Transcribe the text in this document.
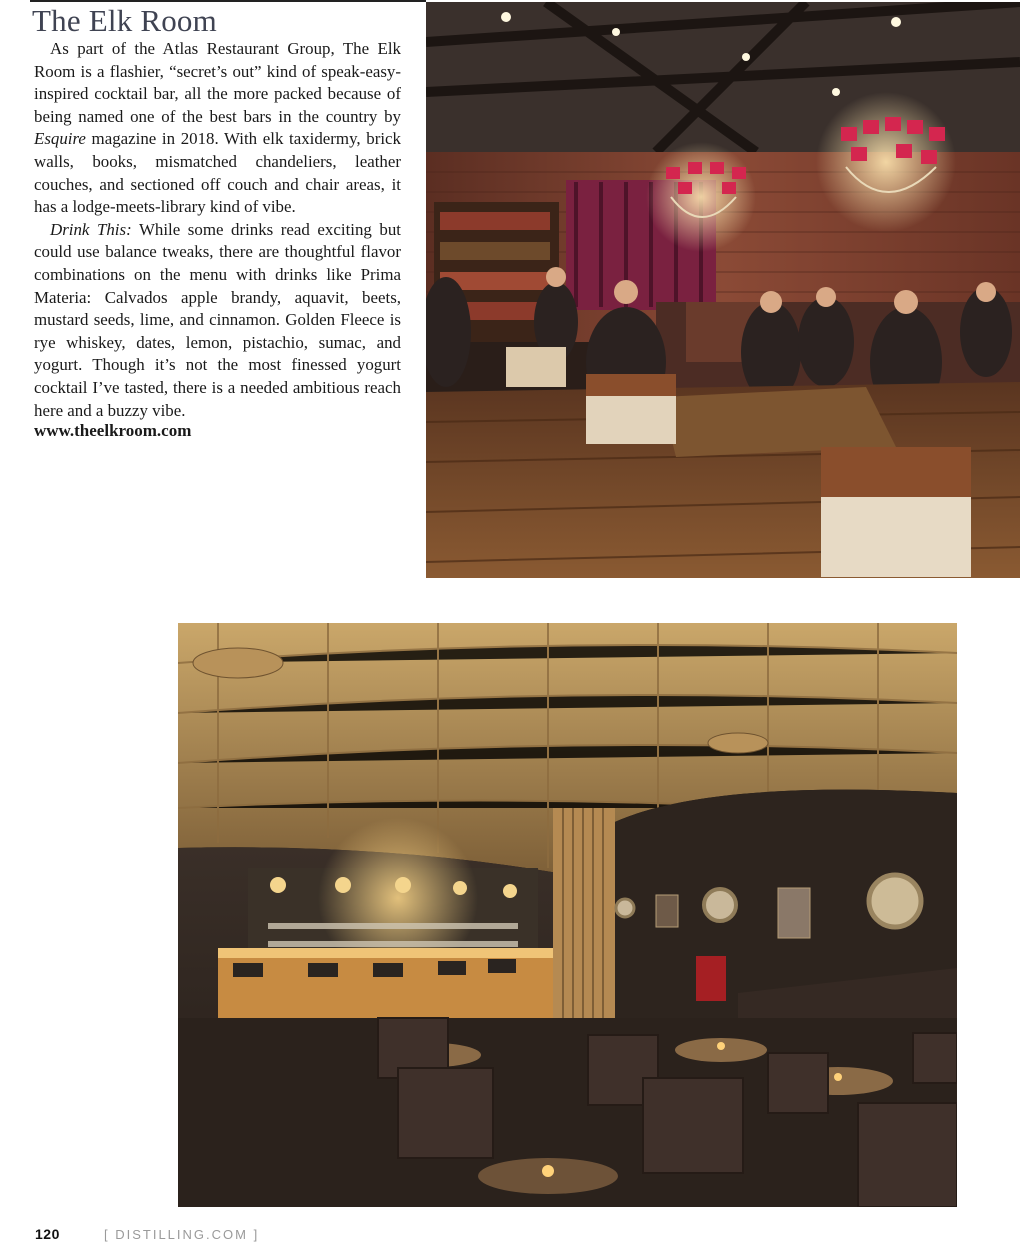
The Elk Room

As part of the Atlas Restaurant Group, The Elk Room is a flashier, “secret’s out” kind of speak-easy-inspired cocktail bar, all the more packed because of being named one of the best bars in the country by Esquire magazine in 2018. With elk taxidermy, brick walls, books, mismatched chandeliers, leather couches, and sectioned off couch and chair areas, it has a lodge-meets-library kind of vibe.

Drink This: While some drinks read exciting but could use balance tweaks, there are thoughtful flavor combinations on the menu with drinks like Prima Materia: Calvados apple brandy, aquavit, beets, mustard seeds, lime, and cinnamon. Golden Fleece is rye whiskey, dates, lemon, pistachio, sumac, and yogurt. Though it’s not the most finessed yogurt cocktail I’ve tasted, there is a needed ambitious reach here and a buzzy vibe.

www.theelkroom.com
120	[ DISTILLING.COM ]
